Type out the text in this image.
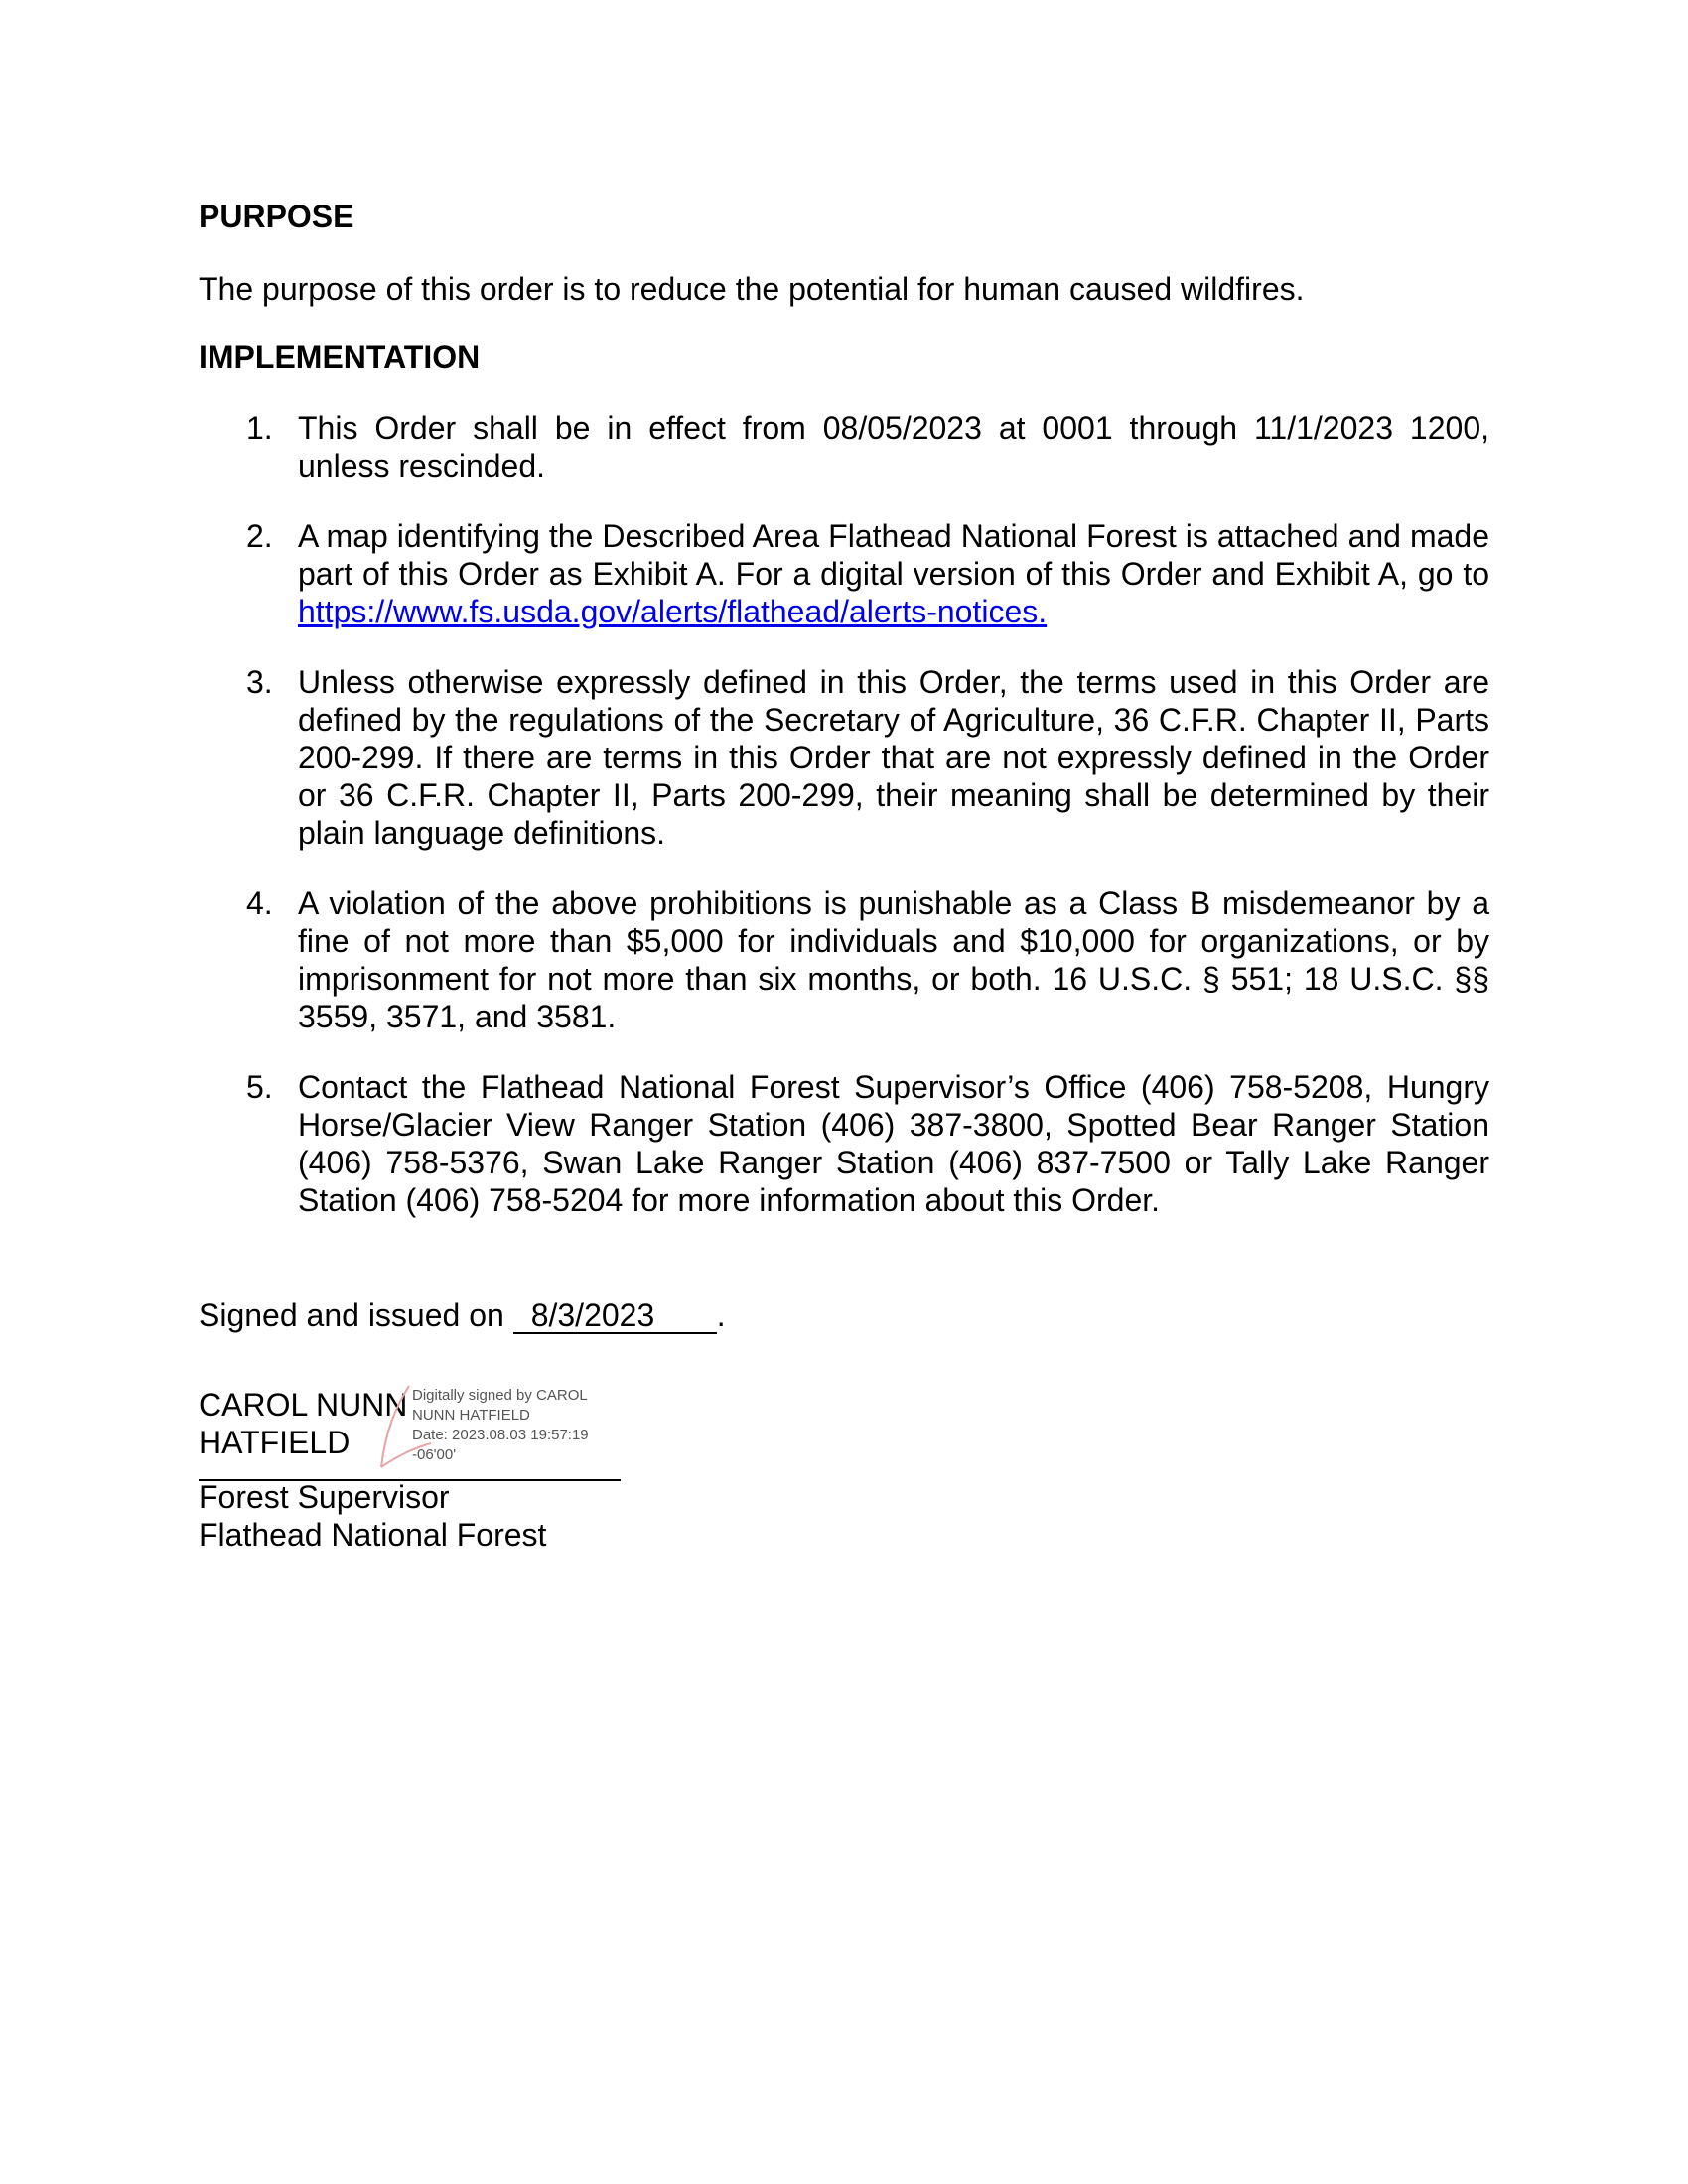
PURPOSE

The purpose of this order is to reduce the potential for human caused wildfires.

IMPLEMENTATION
1. This Order shall be in effect from 08/05/2023 at 0001 through 11/1/2023 1200, unless rescinded.
2. A map identifying the Described Area Flathead National Forest is attached and made part of this Order as Exhibit A. For a digital version of this Order and Exhibit A, go to https://www.fs.usda.gov/alerts/flathead/alerts-notices.
3. Unless otherwise expressly defined in this Order, the terms used in this Order are defined by the regulations of the Secretary of Agriculture, 36 C.F.R. Chapter II, Parts 200-299. If there are terms in this Order that are not expressly defined in the Order or 36 C.F.R. Chapter II, Parts 200-299, their meaning shall be determined by their plain language definitions.
4. A violation of the above prohibitions is punishable as a Class B misdemeanor by a fine of not more than $5,000 for individuals and $10,000 for organizations, or by imprisonment for not more than six months, or both. 16 U.S.C. § 551; 18 U.S.C. §§ 3559, 3571, and 3581.
5. Contact the Flathead National Forest Supervisor’s Office (406) 758-5208, Hungry Horse/Glacier View Ranger Station (406) 387-3800, Spotted Bear Ranger Station (406) 758-5376, Swan Lake Ranger Station (406) 837-7500 or Tally Lake Ranger Station (406) 758-5204 for more information about this Order.

Signed and issued on 8/3/2023 .

CAROL NUNN
HATFIELD

Digitally signed by CAROL
NUNN HATFIELD
Date: 2023.08.03 19:57:19
-06'00'

Forest Supervisor
Flathead National Forest
